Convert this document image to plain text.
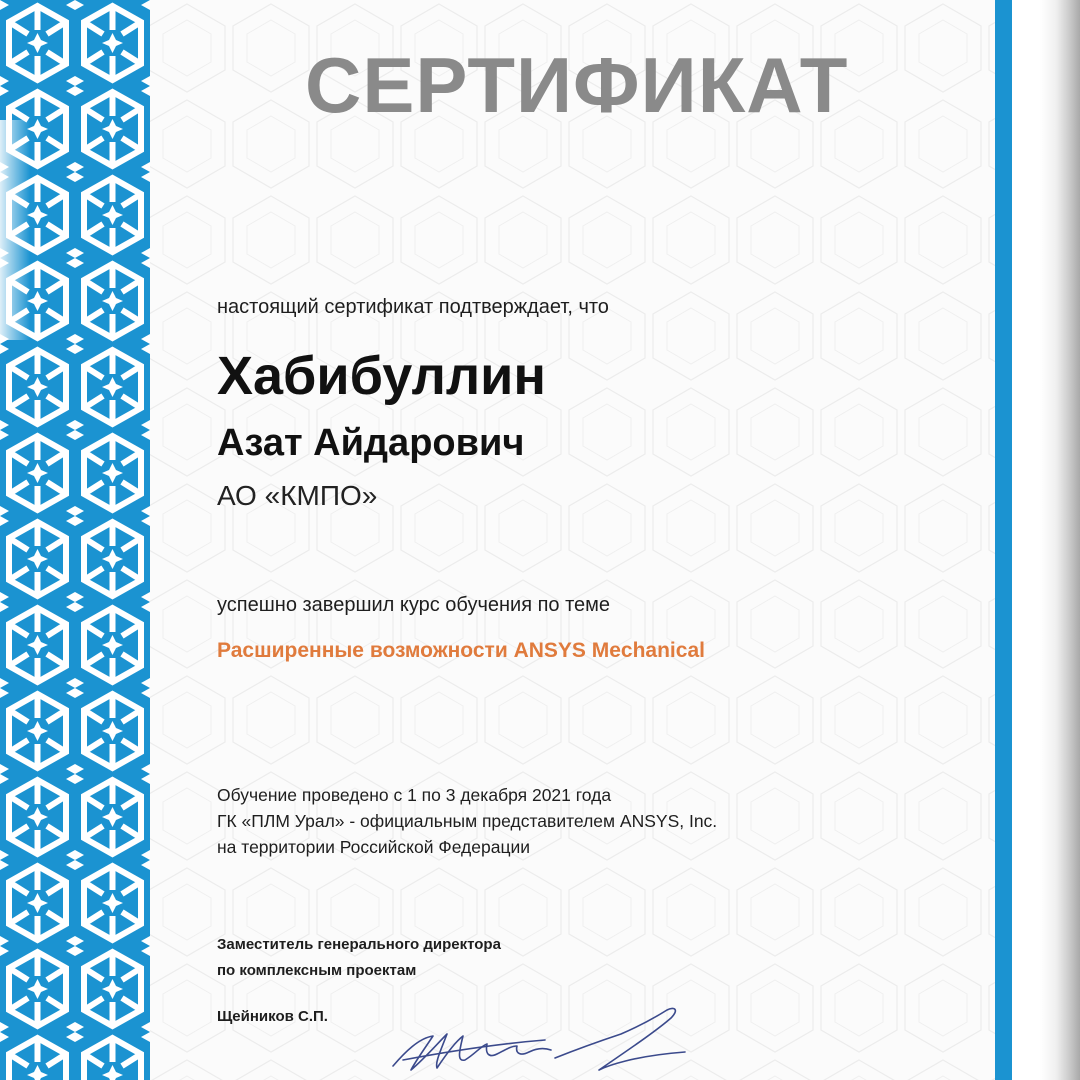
СЕРТИФИКАТ

настоящий сертификат подтверждает, что

Хабибуллин

Азат Айдарович

АО «КМПО»

успешно завершил курс обучения по теме

Расширенные возможности ANSYS Mechanical

Обучение проведено с 1 по 3 декабря 2021 года
ГК «ПЛМ Урал» - официальным представителем ANSYS, Inc.
на территории Российской Федерации
Заместитель генерального директора
по комплексным проектам

Щейников С.П.
